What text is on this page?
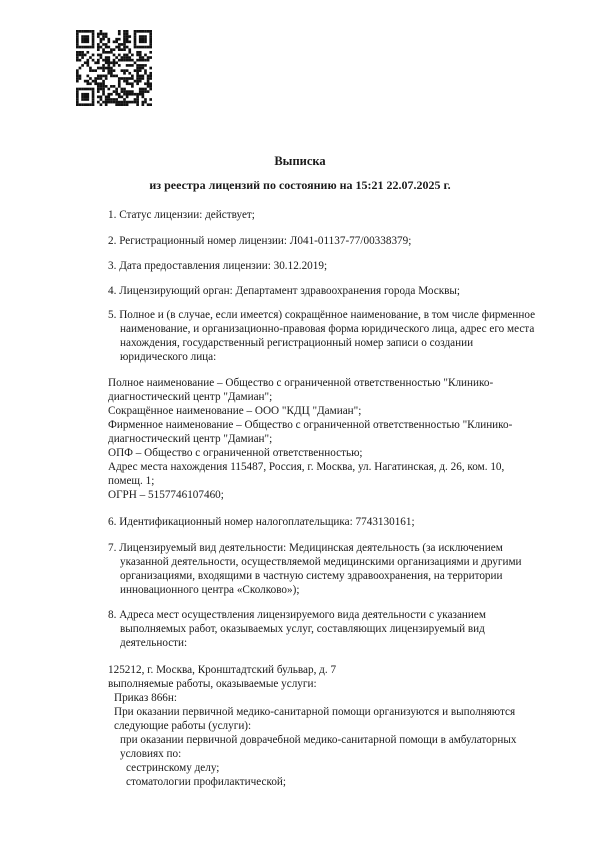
Выписка
из реестра лицензий по состоянию на 15:21 22.07.2025 г.
1. Статус лицензии: действует;
2. Регистрационный номер лицензии: Л041-01137-77/00338379;
3. Дата предоставления лицензии: 30.12.2019;
4. Лицензирующий орган: Департамент здравоохранения города Москвы;
5. Полное и (в случае, если имеется) сокращённое наименование, в том числе фирменное
наименование, и организационно-правовая форма юридического лица, адрес его места
нахождения, государственный регистрационный номер записи о создании
юридического лица:
Полное наименование – Общество с ограниченной ответственностью "Клинико-
диагностический центр "Дамиан";
Сокращённое наименование – ООО "КДЦ "Дамиан";
Фирменное наименование – Общество с ограниченной ответственностью "Клинико-
диагностический центр "Дамиан";
ОПФ – Общество с ограниченной ответственностью;
Адрес места нахождения 115487, Россия, г. Москва, ул. Нагатинская, д. 26, ком. 10,
помещ. 1;
ОГРН – 5157746107460;
6. Идентификационный номер налогоплательщика: 7743130161;
7. Лицензируемый вид деятельности: Медицинская деятельность (за исключением
указанной деятельности, осуществляемой медицинскими организациями и другими
организациями, входящими в частную систему здравоохранения, на территории
инновационного центра «Сколково»);
8. Адреса мест осуществления лицензируемого вида деятельности с указанием
выполняемых работ, оказываемых услуг, составляющих лицензируемый вид
деятельности:
125212, г. Москва, Кронштадтский бульвар, д. 7
выполняемые работы, оказываемые услуги:
Приказ 866н:
При оказании первичной медико-санитарной помощи организуются и выполняются
следующие работы (услуги):
при оказании первичной доврачебной медико-санитарной помощи в амбулаторных
условиях по:
сестринскому делу;
стоматологии профилактической;
